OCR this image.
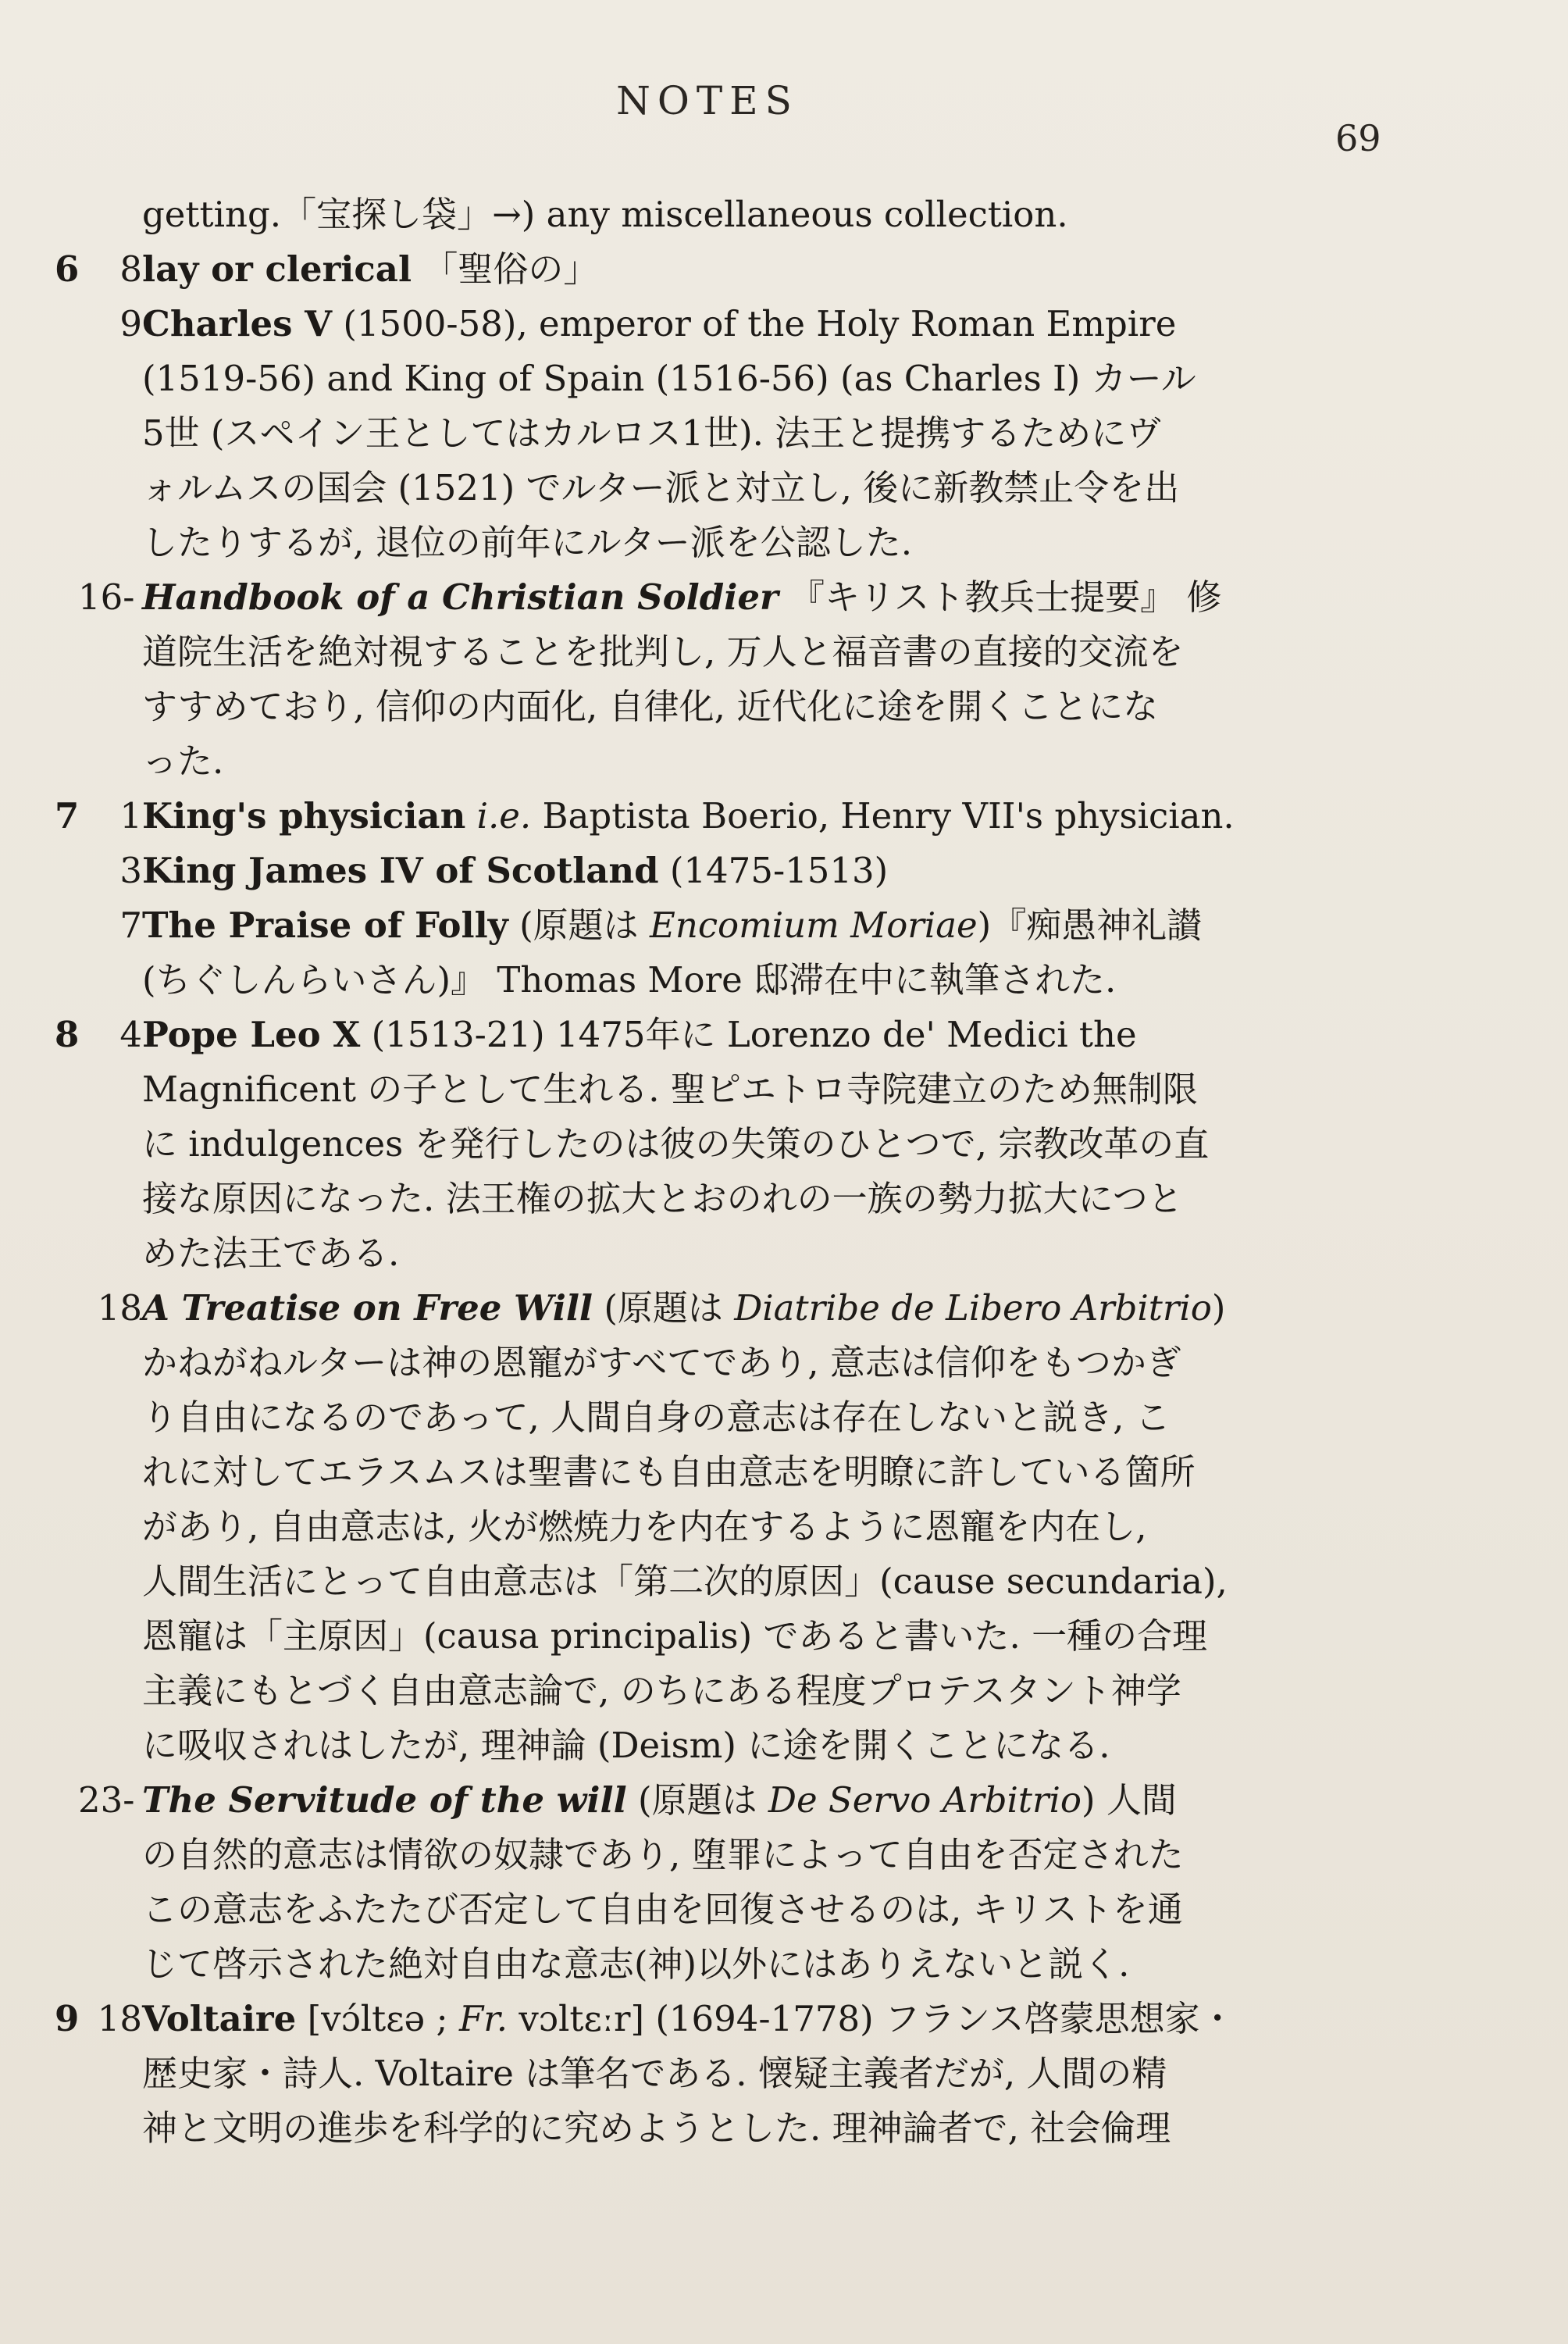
NOTES
69
getting.「宝探し袋」→) any miscellaneous collection.
6	8 lay or clerical 「聖俗の」
9 Charles V (1500-58), emperor of the Holy Roman Empire
(1519-56) and King of Spain (1516-56) (as Charles I) カール
5世 (スペイン王としてはカルロス1世). 法王と提携するためにヴ
ォルムスの国会 (1521) でルター派と対立し, 後に新教禁止令を出
したりするが, 退位の前年にルター派を公認した.
16- Handbook of a Christian Soldier 『キリスト教兵士提要』 修
道院生活を絶対視することを批判し, 万人と福音書の直接的交流を
すすめており, 信仰の内面化, 自律化, 近代化に途を開くことにな
った.
7	1 King's physician i.e. Baptista Boerio, Henry VII's physician.
3 King James IV of Scotland (1475-1513)
7 The Praise of Folly (原題は Encomium Moriae)『痴愚神礼讃
(ちぐしんらいさん)』 Thomas More 邸滞在中に執筆された.
8	4 Pope Leo X (1513-21) 1475年に Lorenzo de' Medici the
Magnificent の子として生れる. 聖ピエトロ寺院建立のため無制限
に indulgences を発行したのは彼の失策のひとつで, 宗教改革の直
接な原因になった. 法王権の拡大とおのれの一族の勢力拡大につと
めた法王である.
18 A Treatise on Free Will (原題は Diatribe de Libero Arbitrio)
かねがねルターは神の恩寵がすべてであり, 意志は信仰をもつかぎ
り自由になるのであって, 人間自身の意志は存在しないと説き, こ
れに対してエラスムスは聖書にも自由意志を明瞭に許している箇所
があり, 自由意志は, 火が燃焼力を内在するように恩寵を内在し,
人間生活にとって自由意志は「第二次的原因」(cause secundaria),
恩寵は「主原因」(causa principalis) であると書いた. 一種の合理
主義にもとづく自由意志論で, のちにある程度プロテスタント神学
に吸収されはしたが, 理神論 (Deism) に途を開くことになる.
23- The Servitude of the will (原題は De Servo Arbitrio) 人間
の自然的意志は情欲の奴隷であり, 堕罪によって自由を否定された
この意志をふたたび否定して自由を回復させるのは, キリストを通
じて啓示された絶対自由な意志(神)以外にはありえないと説く.
9 18 Voltaire [vɔ́ltɛə ; Fr. vɔltɛːr] (1694-1778) フランス啓蒙思想家・
歴史家・詩人. Voltaire は筆名である. 懐疑主義者だが, 人間の精
神と文明の進歩を科学的に究めようとした. 理神論者で, 社会倫理
